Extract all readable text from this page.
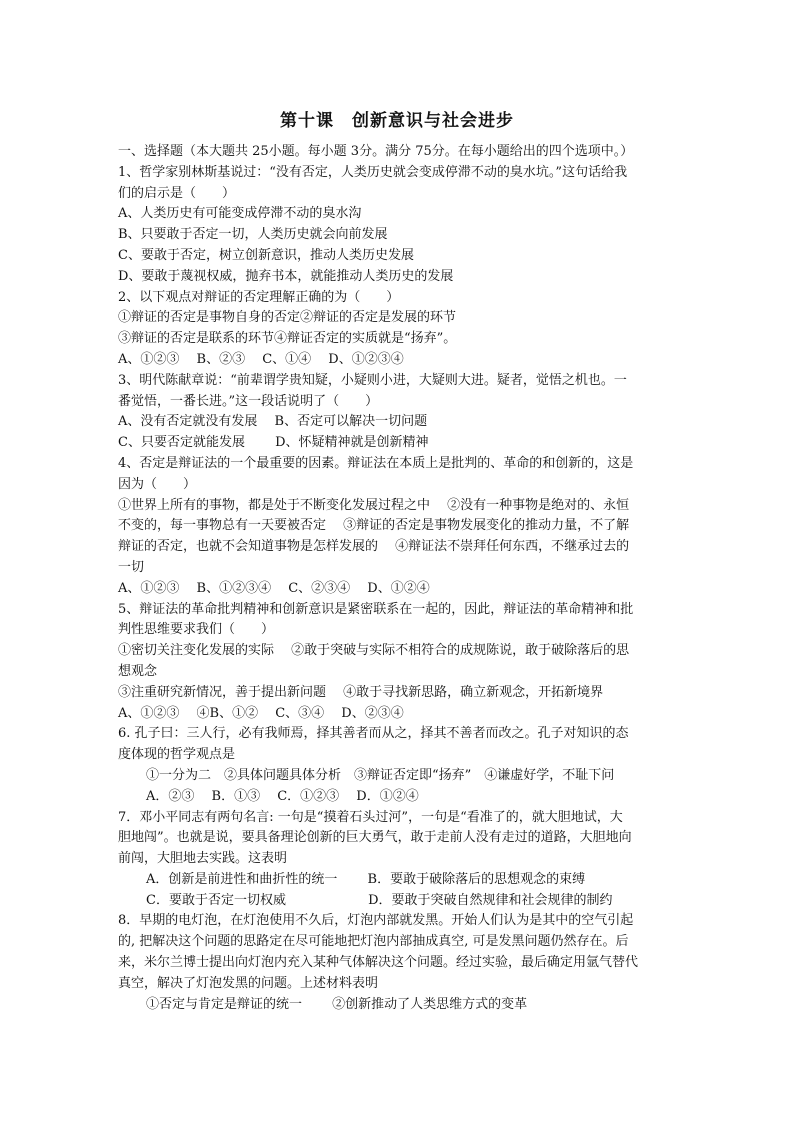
第十课　创新意识与社会进步
一、选择题（本大题共 25小题。每小题 3分。满分 75分。在每小题给出的四个选项中。）
1、哲学家别林斯基说过：“没有否定，人类历史就会变成停滞不动的臭水坑。”这句话给我
们的启示是（　　）
A、人类历史有可能变成停滞不动的臭水沟
B、只要敢于否定一切，人类历史就会向前发展
C、要敢于否定，树立创新意识，推动人类历史发展
D、要敢于蔑视权威，抛弃书本，就能推动人类历史的发展
2、以下观点对辩证的否定理解正确的为（　　）
①辩证的否定是事物自身的否定②辩证的否定是发展的环节
③辩证的否定是联系的环节④辩证否定的实质就是“扬弃”。
A、①②③　 B、②③　 C、①④　 D、①②③④
3、明代陈献章说：“前辈谓学贵知疑，小疑则小进，大疑则大进。疑者，觉悟之机也。一
番觉悟，一番长进。”这一段话说明了（　　）
A、没有否定就没有发展　 B、否定可以解决一切问题
C、只要否定就能发展　　 D、怀疑精神就是创新精神
4、否定是辩证法的一个最重要的因素。辩证法在本质上是批判的、革命的和创新的，这是
因为（　　）
①世界上所有的事物，都是处于不断变化发展过程之中　 ②没有一种事物是绝对的、永恒
不变的，每一事物总有一天要被否定　 ③辩证的否定是事物发展变化的推动力量，不了解
辩证的否定，也就不会知道事物是怎样发展的　 ④辩证法不崇拜任何东西，不继承过去的
一切
A、①②③　 B、①②③④　 C、②③④　 D、①②④
5、辩证法的革命批判精神和创新意识是紧密联系在一起的，因此，辩证法的革命精神和批
判性思维要求我们（　　）
①密切关注变化发展的实际　 ②敢于突破与实际不相符合的成规陈说，敢于破除落后的思
想观念
③注重研究新情况，善于提出新问题　 ④敢于寻找新思路，确立新观念，开拓新境界
A、①②③　 ④B、①②　 C、③④　 D、②③④
6. 孔子曰：三人行，必有我师焉，择其善者而从之，择其不善者而改之。孔子对知识的态
度体现的哲学观点是
①一分为二　②具体问题具体分析　③辩证否定即“扬弃”　④谦虚好学，不耻下问
A．②③　 B．①③　 C．①②③　 D．①②④
7．邓小平同志有两句名言: 一句是“摸着石头过河”，一句是“看准了的，就大胆地试，大
胆地闯”。也就是说，要具备理论创新的巨大勇气，敢于走前人没有走过的道路，大胆地向
前闯，大胆地去实践。这表明
A．创新是前进性和曲折性的统一　　 B．要敢于破除落后的思想观念的束缚
C．要敢于否定一切权威　　　　　　 D．要敢于突破自然规律和社会规律的制约
8．早期的电灯泡，在灯泡使用不久后，灯泡内部就发黑。开始人们认为是其中的空气引起
的, 把解决这个问题的思路定在尽可能地把灯泡内部抽成真空, 可是发黑问题仍然存在。后
来，米尔兰博士提出向灯泡内充入某种气体解决这个问题。经过实验，最后确定用氩气替代
真空，解决了灯泡发黑的问题。上述材料表明
①否定与肯定是辩证的统一　　 ②创新推动了人类思维方式的变革
